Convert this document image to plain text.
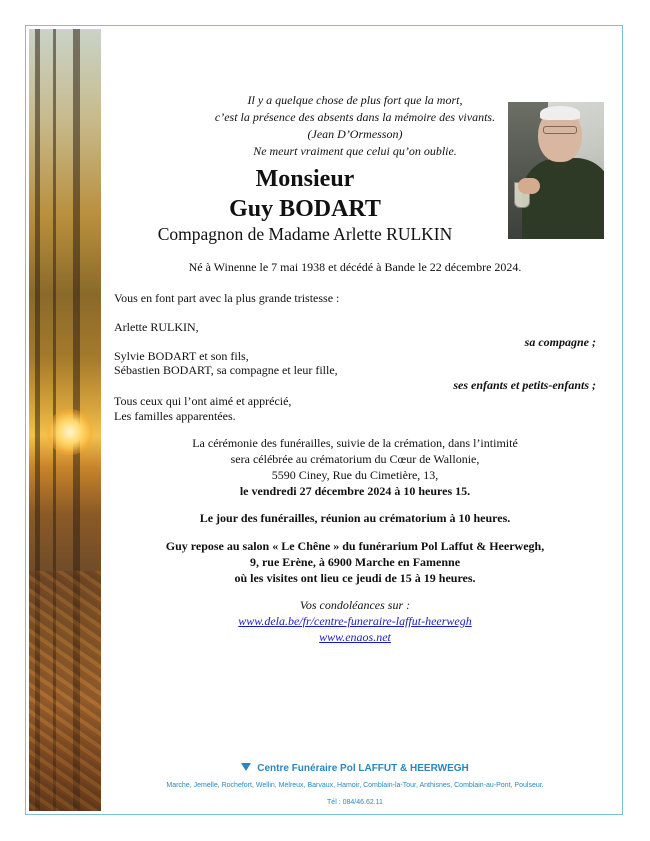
Il y a quelque chose de plus fort que la mort,
c’est la présence des absents dans la mémoire des vivants.
(Jean D’Ormesson)
Ne meurt vraiment que celui qu’on oublie.

Monsieur

Guy BODART

Compagnon de Madame Arlette RULKIN

Né à Winenne le 7 mai 1938 et décédé à Bande le 22 décembre 2024.

Vous en font part avec la plus grande tristesse :

Arlette RULKIN,

sa compagne ;

Sylvie BODART et son fils,

Sébastien BODART, sa compagne et leur fille,

ses enfants et petits-enfants ;

Tous ceux qui l’ont aimé et apprécié,

Les familles apparentées.

La cérémonie des funérailles, suivie de la crémation, dans l’intimité
sera célébrée au crématorium du Cœur de Wallonie,
5590 Ciney, Rue du Cimetière, 13,
le vendredi 27 décembre 2024 à 10 heures 15.

Le jour des funérailles, réunion au crématorium à 10 heures.

Guy repose au salon « Le Chêne » du funérarium Pol Laffut & Heerwegh,
9, rue Erène, à 6900 Marche en Famenne
où les visites ont lieu ce jeudi de 15 à 19 heures.
Vos condoléances sur :
www.dela.be/fr/centre-funeraire-laffut-heerwegh
www.enaos.net
Centre Funéraire Pol LAFFUT & HEERWEGH
Marche, Jemelle, Rochefort, Wellin, Melreux, Barvaux, Hamoir, Comblain-la-Tour, Anthisnes, Comblain-au-Pont, Poulseur.
Tél : 084/46.62.11
